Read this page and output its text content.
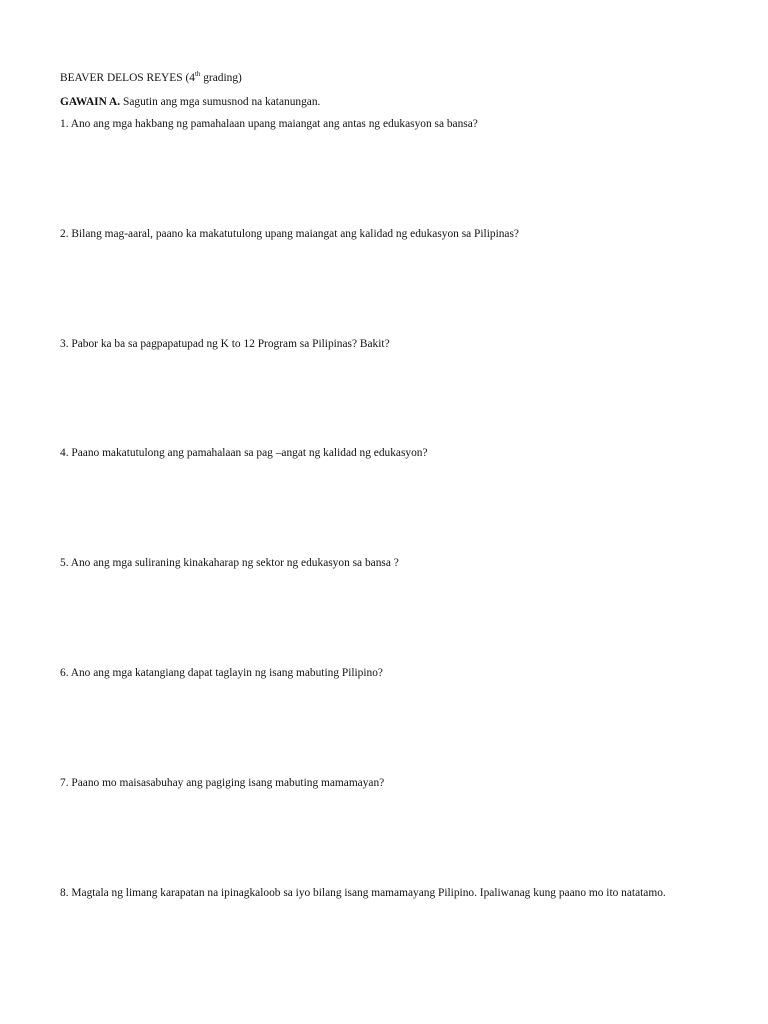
BEAVER DELOS REYES (4th grading)
GAWAIN A. Sagutin ang mga sumusnod na katanungan.
1. Ano ang mga hakbang ng pamahalaan upang maiangat ang antas ng edukasyon sa bansa?
2. Bilang mag-aaral, paano ka makatutulong upang maiangat ang kalidad ng edukasyon sa Pilipinas?
3. Pabor ka ba sa pagpapatupad ng K to 12 Program sa Pilipinas? Bakit?
4. Paano makatutulong ang pamahalaan sa pag –angat ng kalidad ng edukasyon?
5. Ano ang mga suliraning kinakaharap ng sektor ng edukasyon sa bansa ?
6. Ano ang mga katangiang dapat taglayin ng isang mabuting Pilipino?
7. Paano mo maisasabuhay ang pagiging isang mabuting mamamayan?
8. Magtala ng limang karapatan na ipinagkaloob sa iyo bilang isang mamamayang Pilipino. Ipaliwanag kung paano mo ito natatamo.
